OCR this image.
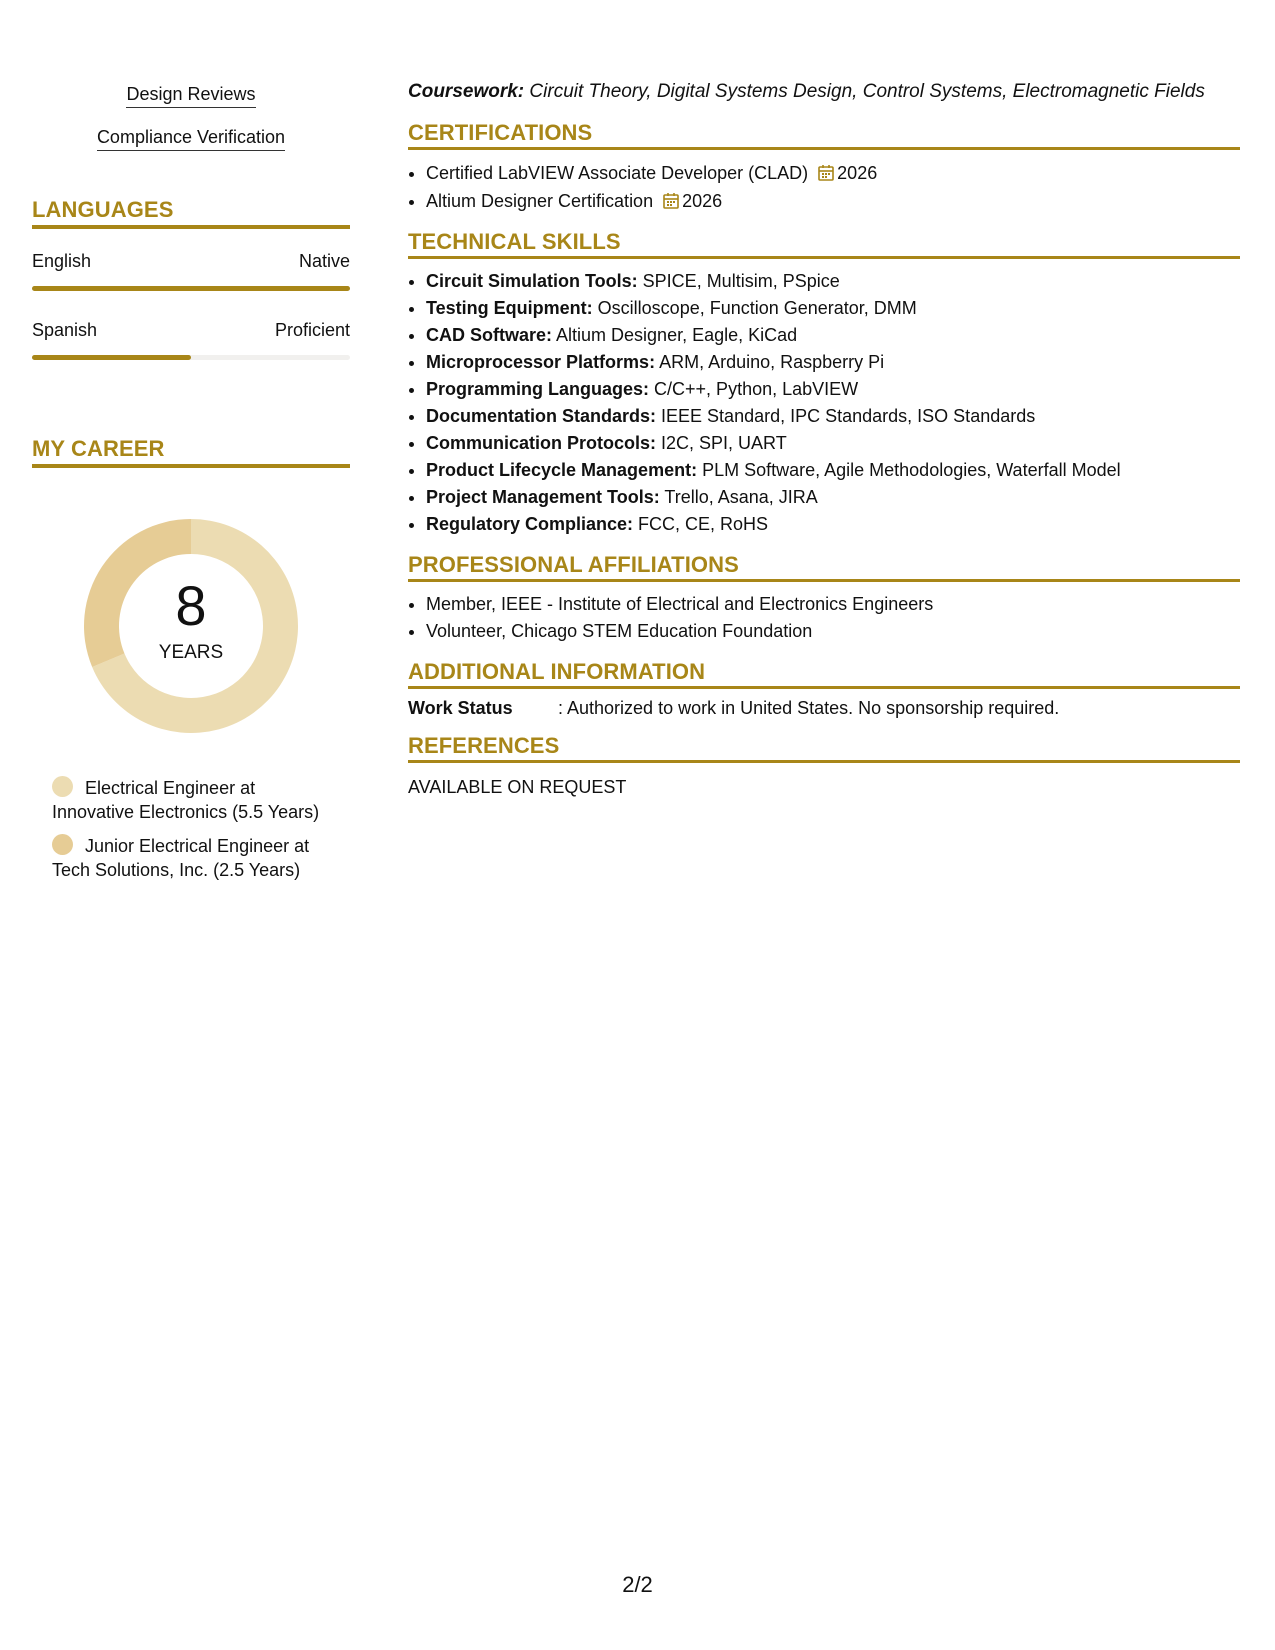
Design Reviews
Compliance Verification
LANGUAGES
English	Native
Spanish	Proficient
MY CAREER
8
YEARS
Electrical Engineer at Innovative Electronics (5.5 Years)
Junior Electrical Engineer at Tech Solutions, Inc. (2.5 Years)
Coursework: Circuit Theory, Digital Systems Design, Control Systems, Electromagnetic Fields
CERTIFICATIONS
• Certified LabVIEW Associate Developer (CLAD) 2026
• Altium Designer Certification 2026
TECHNICAL SKILLS
• Circuit Simulation Tools: SPICE, Multisim, PSpice
• Testing Equipment: Oscilloscope, Function Generator, DMM
• CAD Software: Altium Designer, Eagle, KiCad
• Microprocessor Platforms: ARM, Arduino, Raspberry Pi
• Programming Languages: C/C++, Python, LabVIEW
• Documentation Standards: IEEE Standard, IPC Standards, ISO Standards
• Communication Protocols: I2C, SPI, UART
• Product Lifecycle Management: PLM Software, Agile Methodologies, Waterfall Model
• Project Management Tools: Trello, Asana, JIRA
• Regulatory Compliance: FCC, CE, RoHS
PROFESSIONAL AFFILIATIONS
• Member, IEEE - Institute of Electrical and Electronics Engineers
• Volunteer, Chicago STEM Education Foundation
ADDITIONAL INFORMATION
Work Status	: Authorized to work in United States. No sponsorship required.
REFERENCES
AVAILABLE ON REQUEST
2/2
